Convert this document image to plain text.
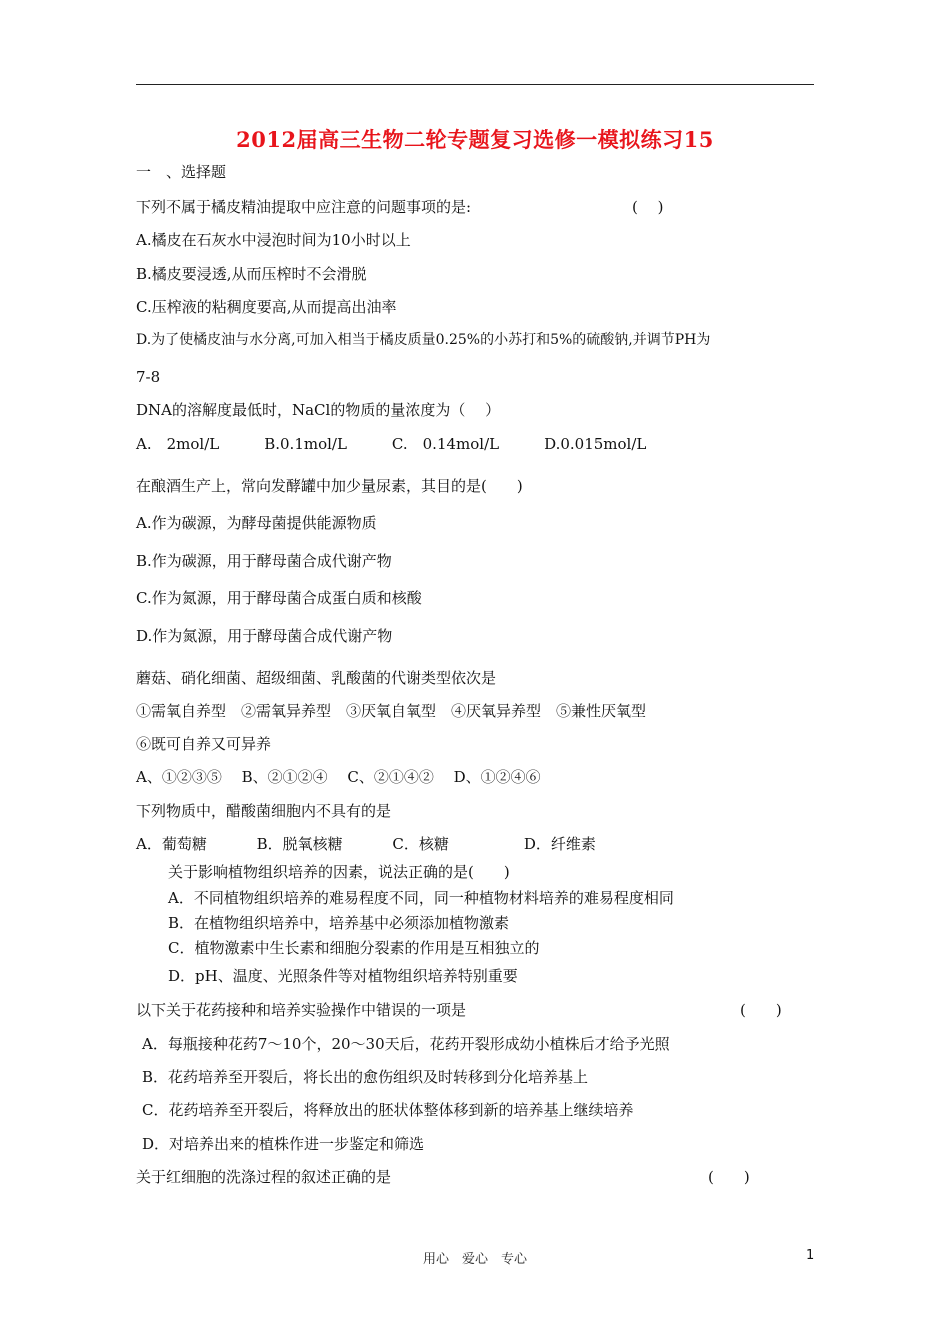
2012届高三生物二轮专题复习选修一模拟练习15
一　、选择题
下列不属于橘皮精油提取中应注意的问题事项的是:	(　 )
A.橘皮在石灰水中浸泡时间为10小时以上
B.橘皮要浸透,从而压榨时不会滑脱
C.压榨液的粘稠度要高,从而提高出油率
D.为了使橘皮油与水分离,可加入相当于橘皮质量0.25%的小苏打和5%的硫酸钠,并调节PH为
7-8
DNA的溶解度最低时，NaCl的物质的量浓度为（　 ）
A.　2mol/L　　　B.0.1mol/L　　　C.　0.14mol/L　　　D.0.015mol/L
在酿酒生产上，常向发酵罐中加少量尿素，其目的是(　　)
A.作为碳源，为酵母菌提供能源物质
B.作为碳源，用于酵母菌合成代谢产物
C.作为氮源，用于酵母菌合成蛋白质和核酸
D.作为氮源，用于酵母菌合成代谢产物
蘑菇、硝化细菌、超级细菌、乳酸菌的代谢类型依次是
①需氧自养型　②需氧异养型　③厌氧自氧型　④厌氧异养型　⑤兼性厌氧型
⑥既可自养又可异养
A、①②③⑤　 B、②①②④　 C、②①④②　 D、①②④⑥
下列物质中，醋酸菌细胞内不具有的是
A．葡萄糖　　　 B．脱氧核糖　　　 C．核糖　　　　　D．纤维素
关于影响植物组织培养的因素，说法正确的是(　　)
A．不同植物组织培养的难易程度不同，同一种植物材料培养的难易程度相同
B．在植物组织培养中，培养基中必须添加植物激素
C．植物激素中生长素和细胞分裂素的作用是互相独立的
D．pH、温度、光照条件等对植物组织培养特别重要
以下关于花药接种和培养实验操作中错误的一项是	(　　)
A．每瓶接种花药7～10个，20～30天后，花药开裂形成幼小植株后才给予光照
B．花药培养至开裂后，将长出的愈伤组织及时转移到分化培养基上
C．花药培养至开裂后，将释放出的胚状体整体移到新的培养基上继续培养
D．对培养出来的植株作进一步鉴定和筛选
关于红细胞的洗涤过程的叙述正确的是	(　　)
用心　爱心　专心	1
